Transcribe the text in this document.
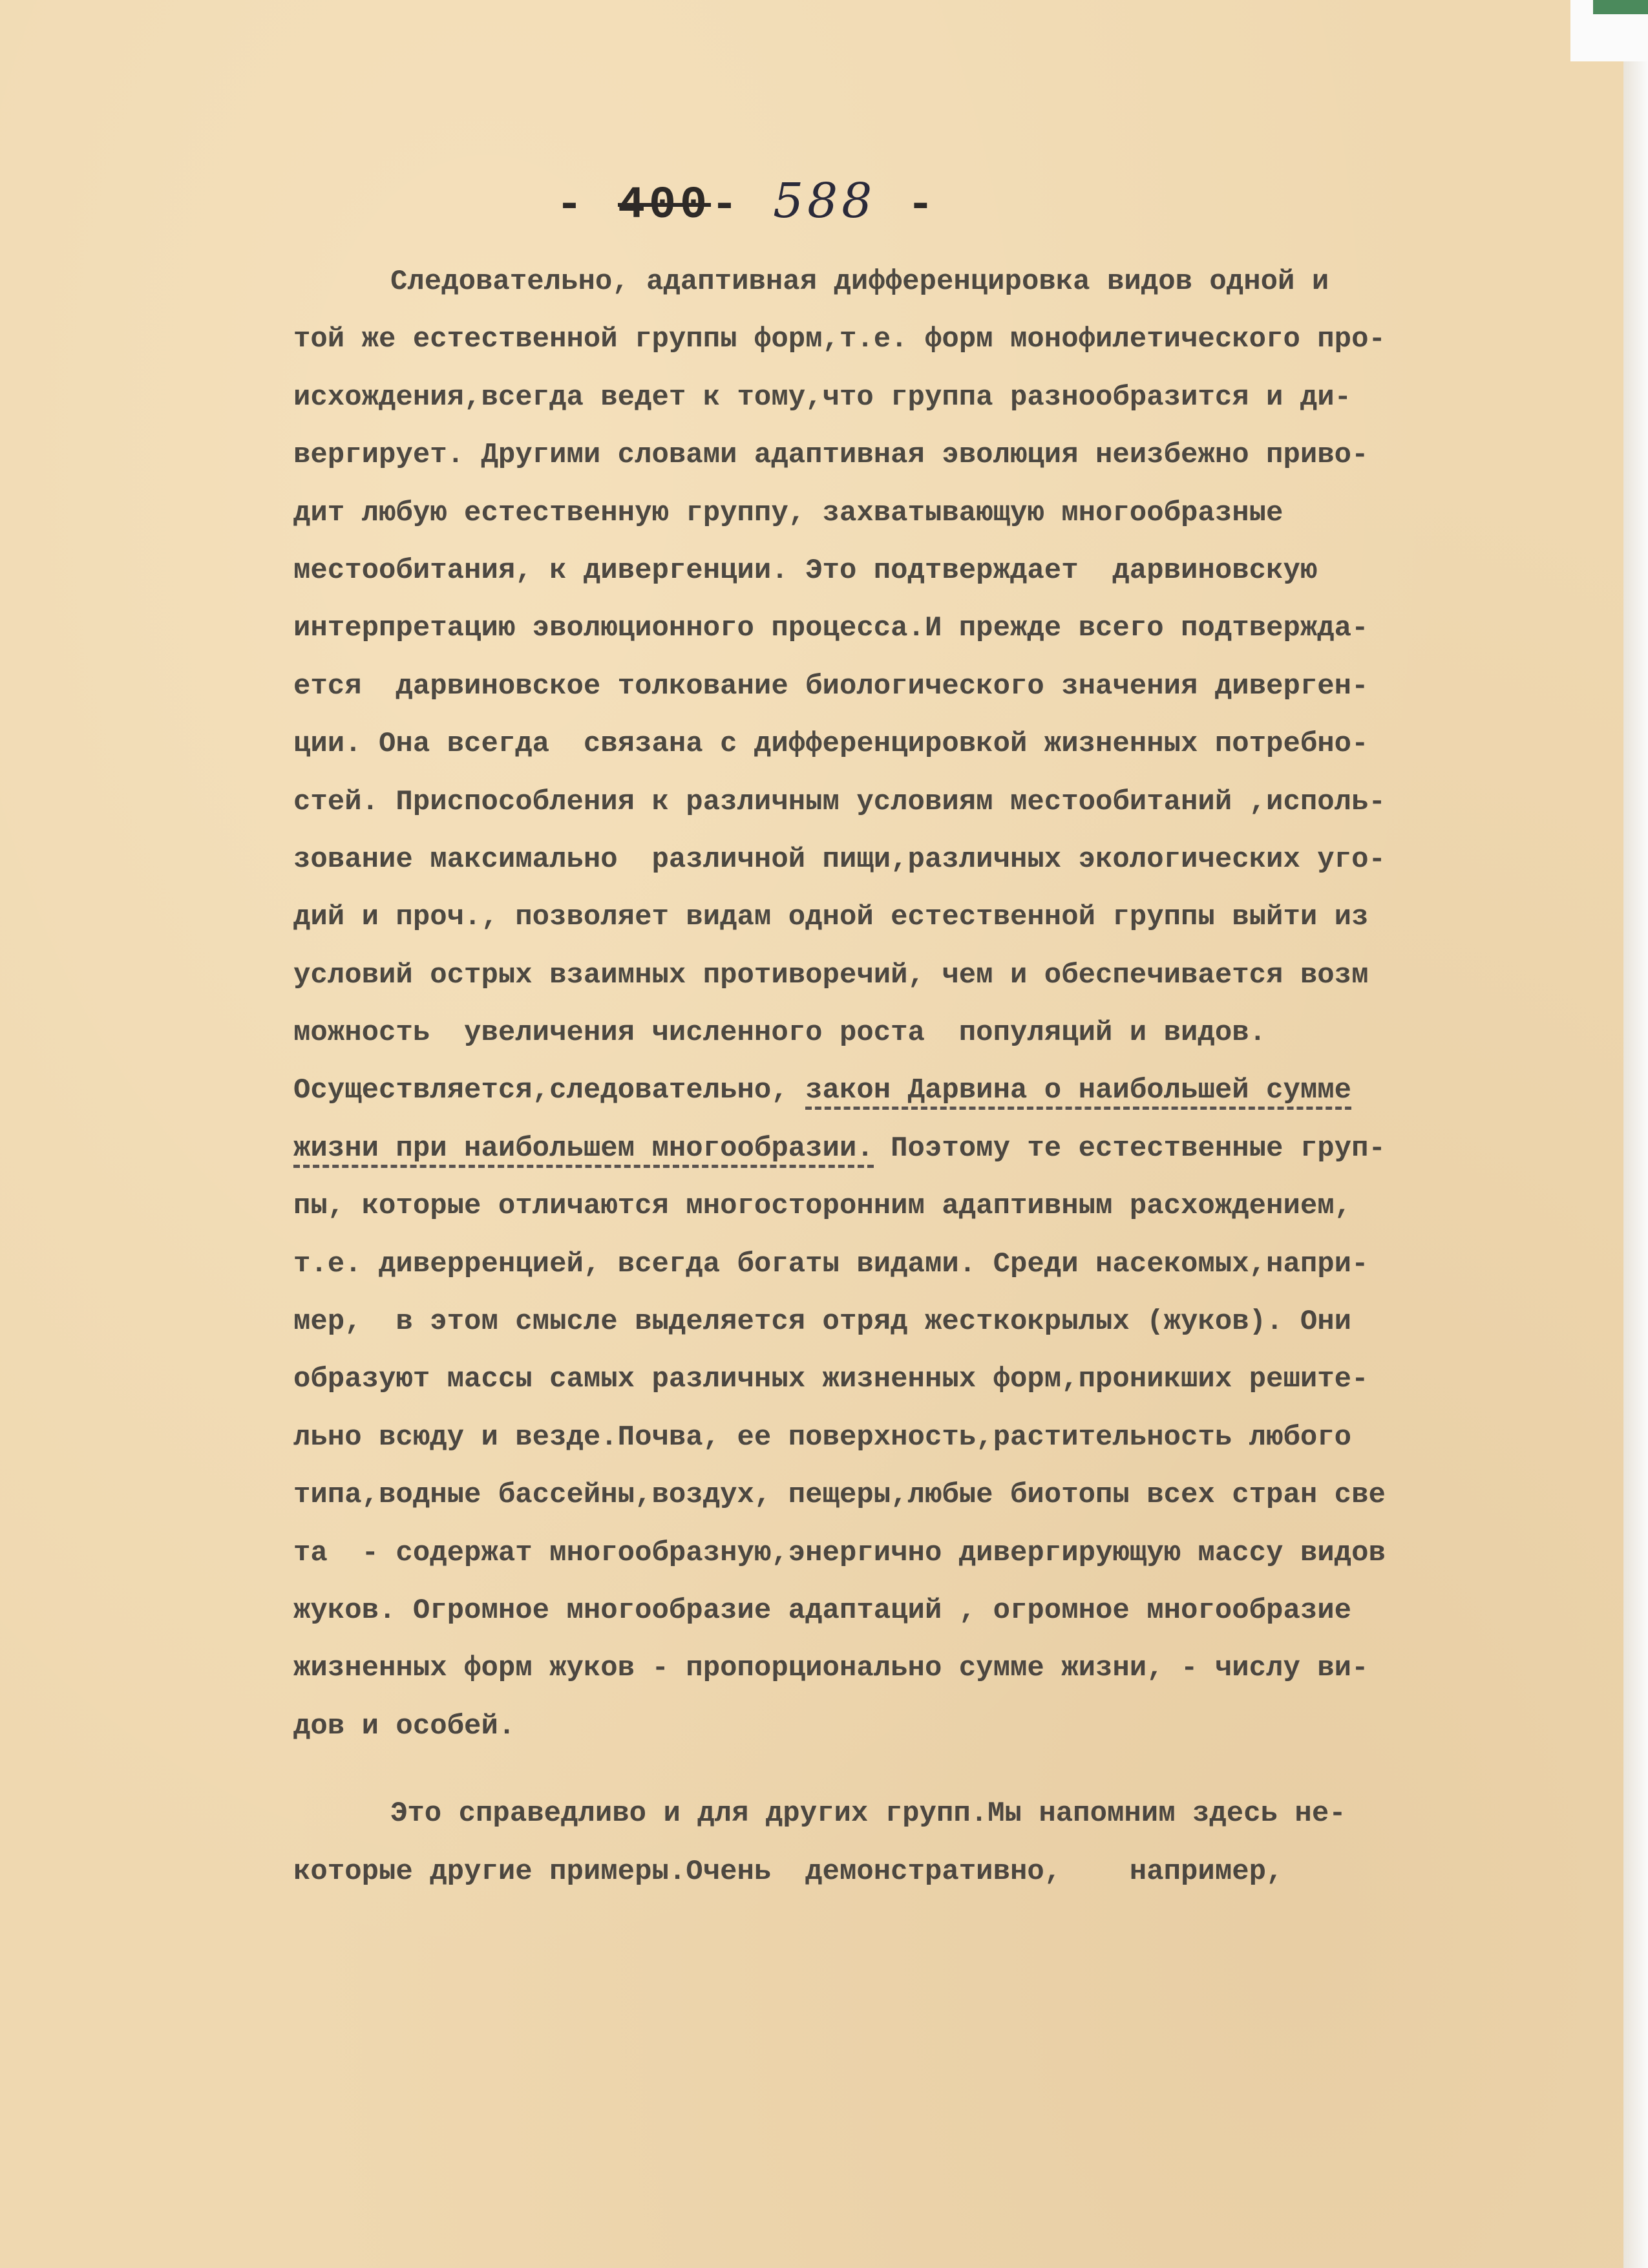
- 400- 588 -
Следовательно, адаптивная дифференцировка видов одной и
той же естественной группы форм,т.е. форм монофилетического про-
исхождения,всегда ведет к тому,что группа разнообразится и ди-
вергирует. Другими словами адаптивная эволюция неизбежно приво-
дит любую естественную группу, захватывающую многообразные
местообитания, к дивергенции. Это подтверждает  дарвиновскую
интерпретацию эволюционного процесса.И прежде всего подтвержда-
ется  дарвиновское толкование биологического значения диверген-
ции. Она всегда  связана с дифференцировкой жизненных потребно-
стей. Приспособления к различным условиям местообитаний ,исполь-
зование максимально  различной пищи,различных экологических уго-
дий и проч., позволяет видам одной естественной группы выйти из
условий острых взаимных противоречий, чем и обеспечивается возм
можность  увеличения численного роста  популяций и видов.
Осуществляется,следовательно, закон Дарвина о наибольшей сумме
жизни при наибольшем многообразии. Поэтому те естественные груп-
пы, которые отличаются многосторонним адаптивным расхождением,
т.е. диверренцией, всегда богаты видами. Среди насекомых,напри-
мер,  в этом смысле выделяется отряд жесткокрылых (жуков). Они
образуют массы самых различных жизненных форм,проникших решите-
льно всюду и везде.Почва, ее поверхность,растительность любого
типа,водные бассейны,воздух, пещеры,любые биотопы всех стран све
та  - содержат многообразную,энергично дивергирующую массу видов
жуков. Огромное многообразие адаптаций , огромное многообразие
жизненных форм жуков - пропорционально сумме жизни, - числу ви-
дов и особей.
Это справедливо и для других групп.Мы напомним здесь не-
которые другие примеры.Очень  демонстративно,    например,
